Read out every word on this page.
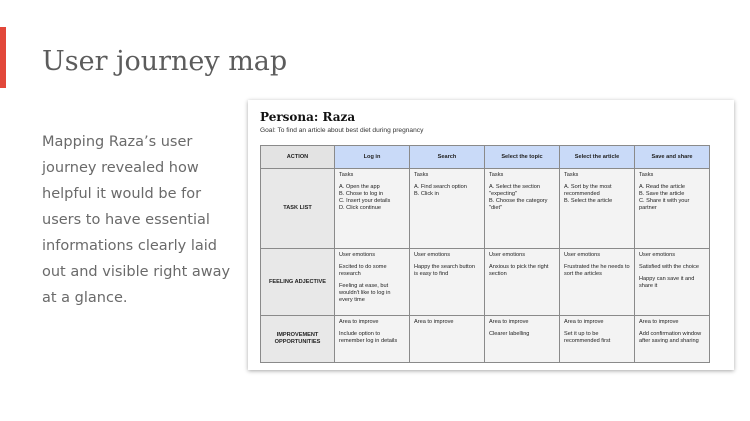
User journey map

Mapping Raza’s user journey revealed how helpful it would be for users to have essential informations clearly laid out and visible right away at a glance.

Persona: Raza

Goal: To find an article about best diet during pregnancy
ACTION	Log in	Search	Select the topic	Select the article	Save and share
TASK LIST	Tasks
A. Open the app
B. Chose to log in
C. Insert your details
D. Click continue	Tasks
A. Find search option
B. Click in	Tasks
A. Select the section "expecting"
B. Choose the category "diet"	Tasks
A. Sort by the most recommended
B. Select the article	Tasks
A. Read the article
B. Save the article
C. Share it with your partner

FEELING ADJECTIVE	User emotions
Excited to do some research
Feeling at ease, but wouldn't like to log in every time	User emotions
Happy the search button is easy to find	User emotions
Anxious to pick the right section	User emotions
Frustrated the he needs to sort the articles	User emotions
Satisfied with the choice
Happy can save it and share it

IMPROVEMENT OPPORTUNITIES	Area to improve
Include option to remember log in details	Area to improve	Area to improve
Clearer labelling	Area to improve
Set it up to be recommended first	Area to improve
Add confirmation window after saving and sharing
